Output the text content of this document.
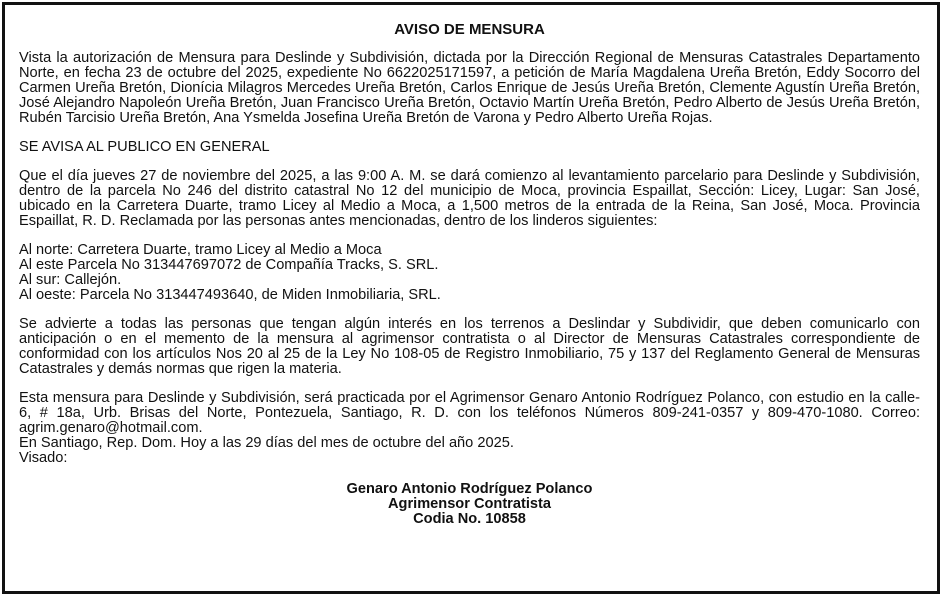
AVISO DE MENSURA

Vista la autorización de Mensura para Deslinde y Subdivisión, dictada por la Dirección Regional de Mensuras Catastrales Departamento Norte, en fecha 23 de octubre del 2025, expediente No 6622025171597, a petición de María Magdalena Ureña Bretón, Eddy Socorro del Carmen Ureña Bretón, Dionícia Milagros Mercedes Ureña Bretón, Carlos Enrique de Jesús Ureña Bretón, Clemente Agustín Ureña Bretón, José Alejandro Napoleón Ureña Bretón, Juan Francisco Ureña Bretón, Octavio Martín Ureña Bretón, Pedro Alberto de Jesús Ureña Bretón, Rubén Tarcisio Ureña Bretón, Ana Ysmelda Josefina Ureña Bretón de Varona y Pedro Alberto Ureña Rojas.

SE AVISA AL PUBLICO EN GENERAL

Que el día jueves 27 de noviembre del 2025, a las 9:00 A. M. se dará comienzo al levantamiento parcelario para Deslinde y Subdivisión, dentro de la parcela No 246 del distrito catastral No 12 del municipio de Moca, provincia Espaillat, Sección: Licey, Lugar: San José, ubicado en la Carretera Duarte, tramo Licey al Medio a Moca, a 1,500 metros de la entrada de la Reina, San José, Moca. Provincia Espaillat, R. D. Reclamada por las personas antes mencionadas, dentro de los linderos siguientes:

Al norte: Carretera Duarte, tramo Licey al Medio a Moca
Al este Parcela No 313447697072 de Compañía Tracks, S. SRL.
Al sur: Callejón.
Al oeste: Parcela No 313447493640, de Miden Inmobiliaria, SRL.

Se advierte a todas las personas que tengan algún interés en los terrenos a Deslindar y Subdividir, que deben comunicarlo con anticipación o en el memento de la mensura al agrimensor contratista o al Director de Mensuras Catastrales correspondiente de conformidad con los artículos Nos 20 al 25 de la Ley No 108-05 de Registro Inmobiliario, 75 y 137 del Reglamento General de Mensuras Catastrales y demás normas que rigen la materia.

Esta mensura para Deslinde y Subdivisión, será practicada por el Agrimensor Genaro Antonio Rodríguez Polanco, con estudio en la calle-6, # 18a, Urb. Brisas del Norte, Pontezuela, Santiago, R. D. con los teléfonos Números 809-241-0357 y 809-470-1080. Correo: agrim.genaro@hotmail.com.

En Santiago, Rep. Dom. Hoy a las 29 días del mes de octubre del año 2025.
Visado:
Genaro Antonio Rodríguez Polanco
Agrimensor Contratista
Codia No. 10858
